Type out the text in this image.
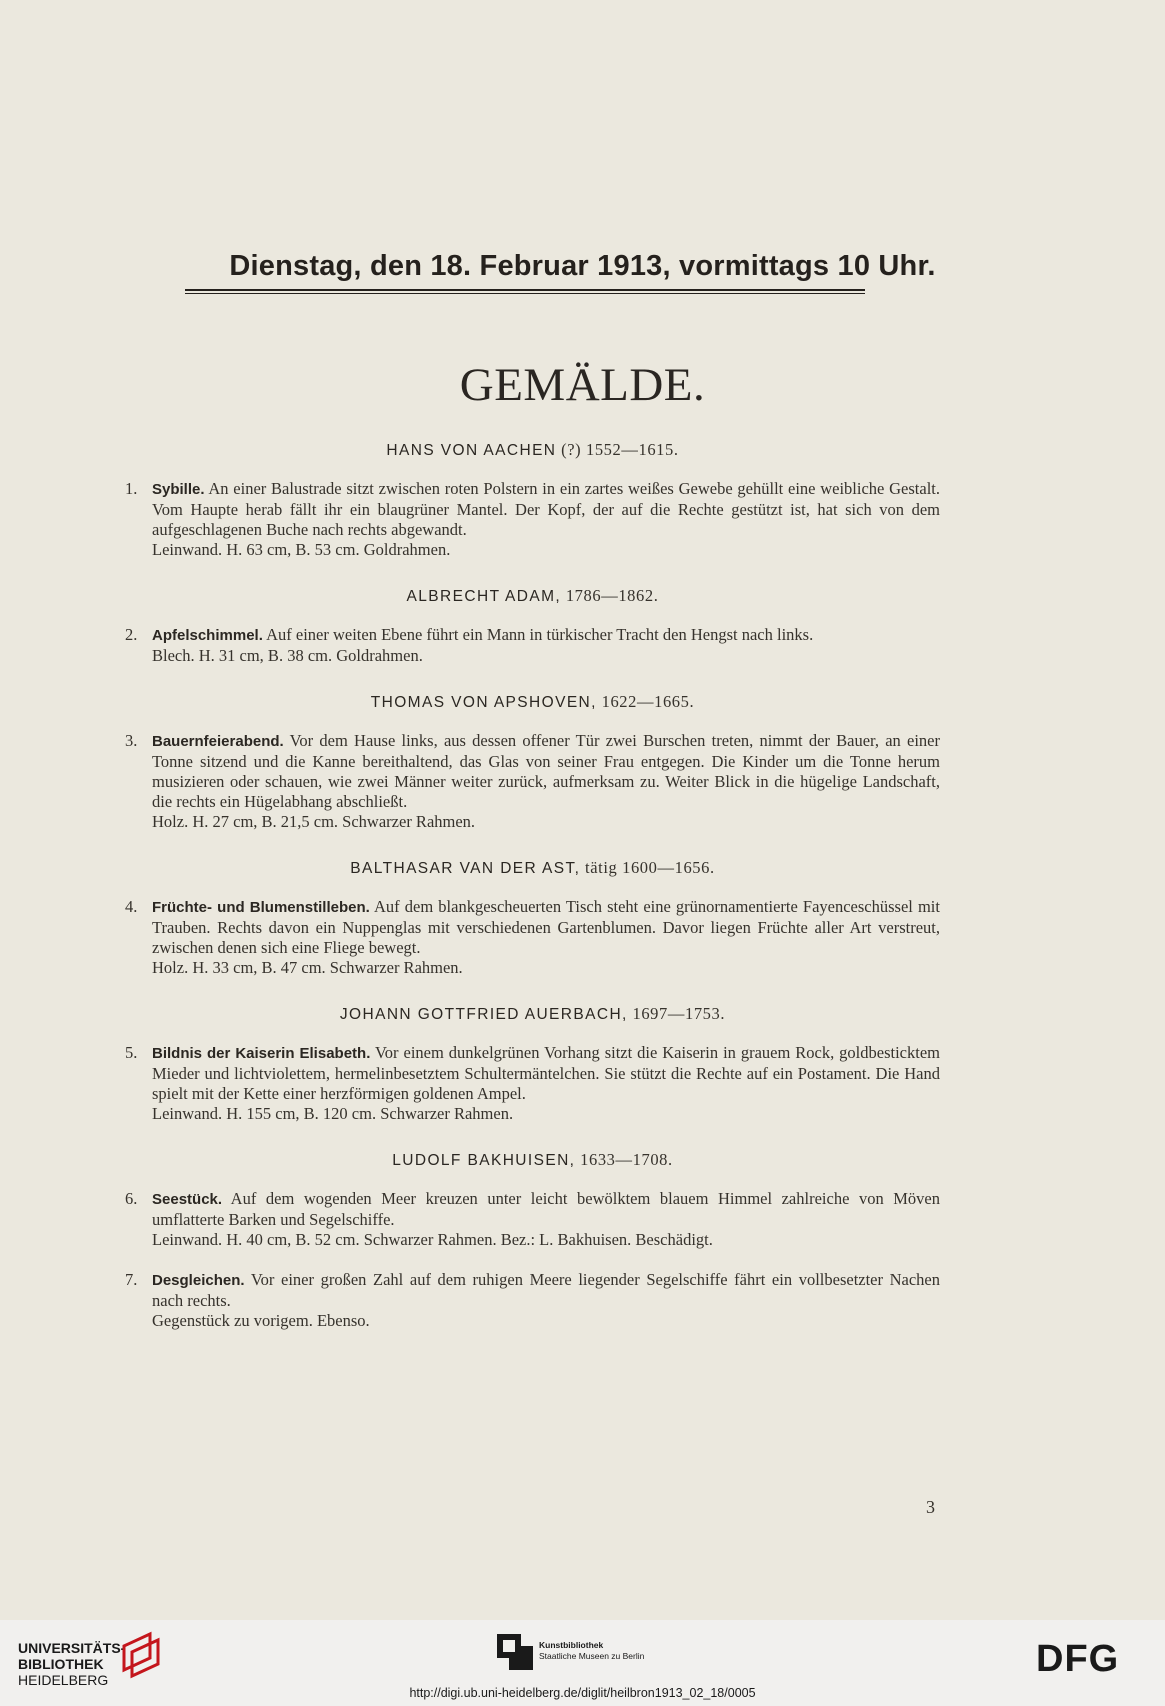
Dienstag, den 18. Februar 1913, vormittags 10 Uhr.
GEMÄLDE.
HANS VON AACHEN (?) 1552—1615.
1. Sybille. An einer Balustrade sitzt zwischen roten Polstern in ein zartes weißes Gewebe gehüllt eine weibliche Gestalt. Vom Haupte herab fällt ihr ein blaugrüner Mantel. Der Kopf, der auf die Rechte gestützt ist, hat sich von dem aufgeschlagenen Buche nach rechts abgewandt.

Leinwand. H. 63 cm, B. 53 cm. Goldrahmen.

ALBRECHT ADAM, 1786—1862.
2. Apfelschimmel. Auf einer weiten Ebene führt ein Mann in türkischer Tracht den Hengst nach links.

Blech. H. 31 cm, B. 38 cm. Goldrahmen.

THOMAS VON APSHOVEN, 1622—1665.
3. Bauernfeierabend. Vor dem Hause links, aus dessen offener Tür zwei Burschen treten, nimmt der Bauer, an einer Tonne sitzend und die Kanne bereithaltend, das Glas von seiner Frau entgegen. Die Kinder um die Tonne herum musizieren oder schauen, wie zwei Männer weiter zurück, aufmerksam zu. Weiter Blick in die hügelige Landschaft, die rechts ein Hügelabhang abschließt.

Holz. H. 27 cm, B. 21,5 cm. Schwarzer Rahmen.

BALTHASAR VAN DER AST, tätig 1600—1656.
4. Früchte- und Blumenstilleben. Auf dem blankgescheuerten Tisch steht eine grünornamentierte Fayenceschüssel mit Trauben. Rechts davon ein Nuppenglas mit verschiedenen Gartenblumen. Davor liegen Früchte aller Art verstreut, zwischen denen sich eine Fliege bewegt.

Holz. H. 33 cm, B. 47 cm. Schwarzer Rahmen.

JOHANN GOTTFRIED AUERBACH, 1697—1753.
5. Bildnis der Kaiserin Elisabeth. Vor einem dunkelgrünen Vorhang sitzt die Kaiserin in grauem Rock, goldbesticktem Mieder und lichtviolettem, hermelinbesetztem Schultermäntelchen. Sie stützt die Rechte auf ein Postament. Die Hand spielt mit der Kette einer herzförmigen goldenen Ampel.

Leinwand. H. 155 cm, B. 120 cm. Schwarzer Rahmen.

LUDOLF BAKHUISEN, 1633—1708.
6. Seestück. Auf dem wogenden Meer kreuzen unter leicht bewölktem blauem Himmel zahlreiche von Möven umflatterte Barken und Segelschiffe.

Leinwand. H. 40 cm, B. 52 cm. Schwarzer Rahmen. Bez.: L. Bakhuisen. Beschädigt.

7. Desgleichen. Vor einer großen Zahl auf dem ruhigen Meere liegender Segelschiffe fährt ein vollbesetzter Nachen nach rechts.

Gegenstück zu vorigem. Ebenso.

3
UNIVERSITÄTS-
BIBLIOTHEK
HEIDELBERG
Kunstbibliothek
Staatliche Museen zu Berlin	DFG
http://digi.ub.uni-heidelberg.de/diglit/heilbron1913_02_18/0005
